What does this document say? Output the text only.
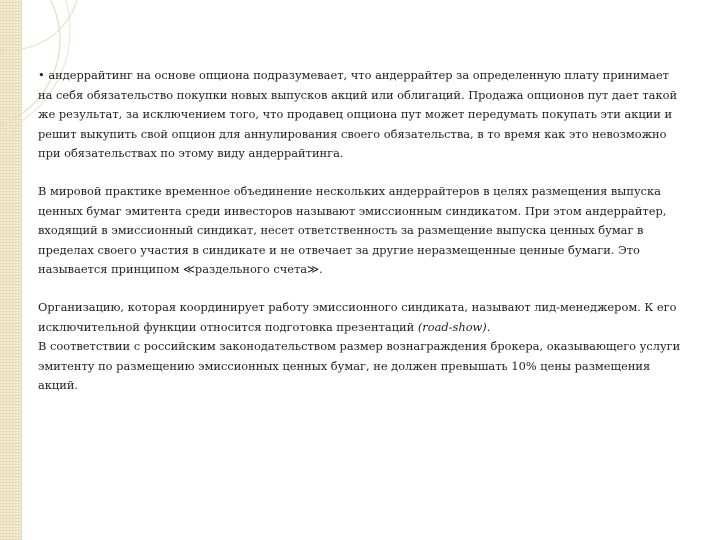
• андеррайтинг на основе опциона подразумевает, что андеррайтер за определенную плату принимает на себя обязательство покупки новых выпусков акций или облигаций. Продажа опционов пут дает такой же результат, за исключением того, что продавец опциона пут может передумать покупать эти акции и решит выкупить свой опцион для аннулирования своего обязательства, в то время как это невозможно при обязательствах по этому виду андеррайтинга.

В мировой практике временное объединение нескольких андеррайтеров в целях размещения выпуска ценных бумаг эмитента среди инвесторов называют эмиссионным синдикатом. При этом андеррайтер, входящий в эмиссионный синдикат, несет ответственность за размещение выпуска ценных бумаг в пределах своего участия в синдикате и не отвечает за другие неразмещенные ценные бумаги. Это называется принципом ≪раздельного счета≫.

Организацию, которая координирует работу эмиссионного синдиката, называют лид-менеджером. К его исключительной функции относится подготовка презентаций (road-show).

В соответствии с российским законодательством размер вознаграждения брокера, оказывающего услуги эмитенту по размещению эмиссионных ценных бумаг, не должен превышать 10% цены размещения акций.
